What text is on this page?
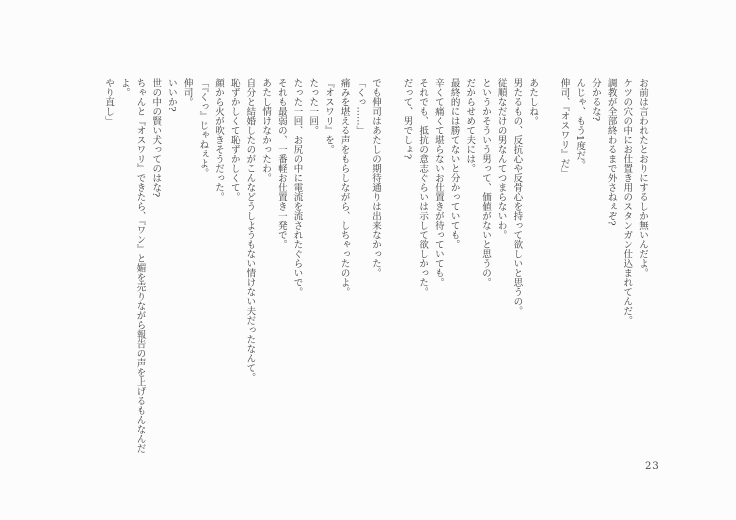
お前は言われたとおりにするしか無いんだよ。
ケツの穴の中にお仕置き用のスタンガン仕込まれてんだ。
調教が全部終わるまで外さねぇぞ?
分かるな?
んじゃ、もう1度だ。
伸司、『オスワリ』だ」

あたしね。
男たるもの、反抗心や反骨心を持って欲しいと思うの。
従順なだけの男なんてつまらないわ。
というかそういう男って、価値がないと思うの。
だからせめて夫には。
最終的には勝てないと分かっていても。
辛くて痛くて堪らないお仕置きが待っていても。
それでも、抵抗の意志ぐらいは示して欲しかった。
だって、男でしょ?

でも伸司はあたしの期待通りは出来なかった。
「くっ……」
痛みを堪える声をもらしながら、しちゃったのよ。
『オスワリ』を。
たった一回。
たった一回、お尻の中に電流を流されたぐらいで。
それも最弱の、一番軽お仕置き一発で。
あたし情けなかったわ。
自分と結婚したのがこんなどうしようもない情けない夫だったなんて。
恥ずかしくて恥ずかしくて。
顔から火が吹きそうだった。
「『くっ』じゃねぇよ。
伸司。
いいか?
世の中の賢い犬ってのはな?
ちゃんと『オスワリ』できたら、『ワン』と媚を売りながら報告の声を上げるもんなんだ
よ。
やり直し」
23
